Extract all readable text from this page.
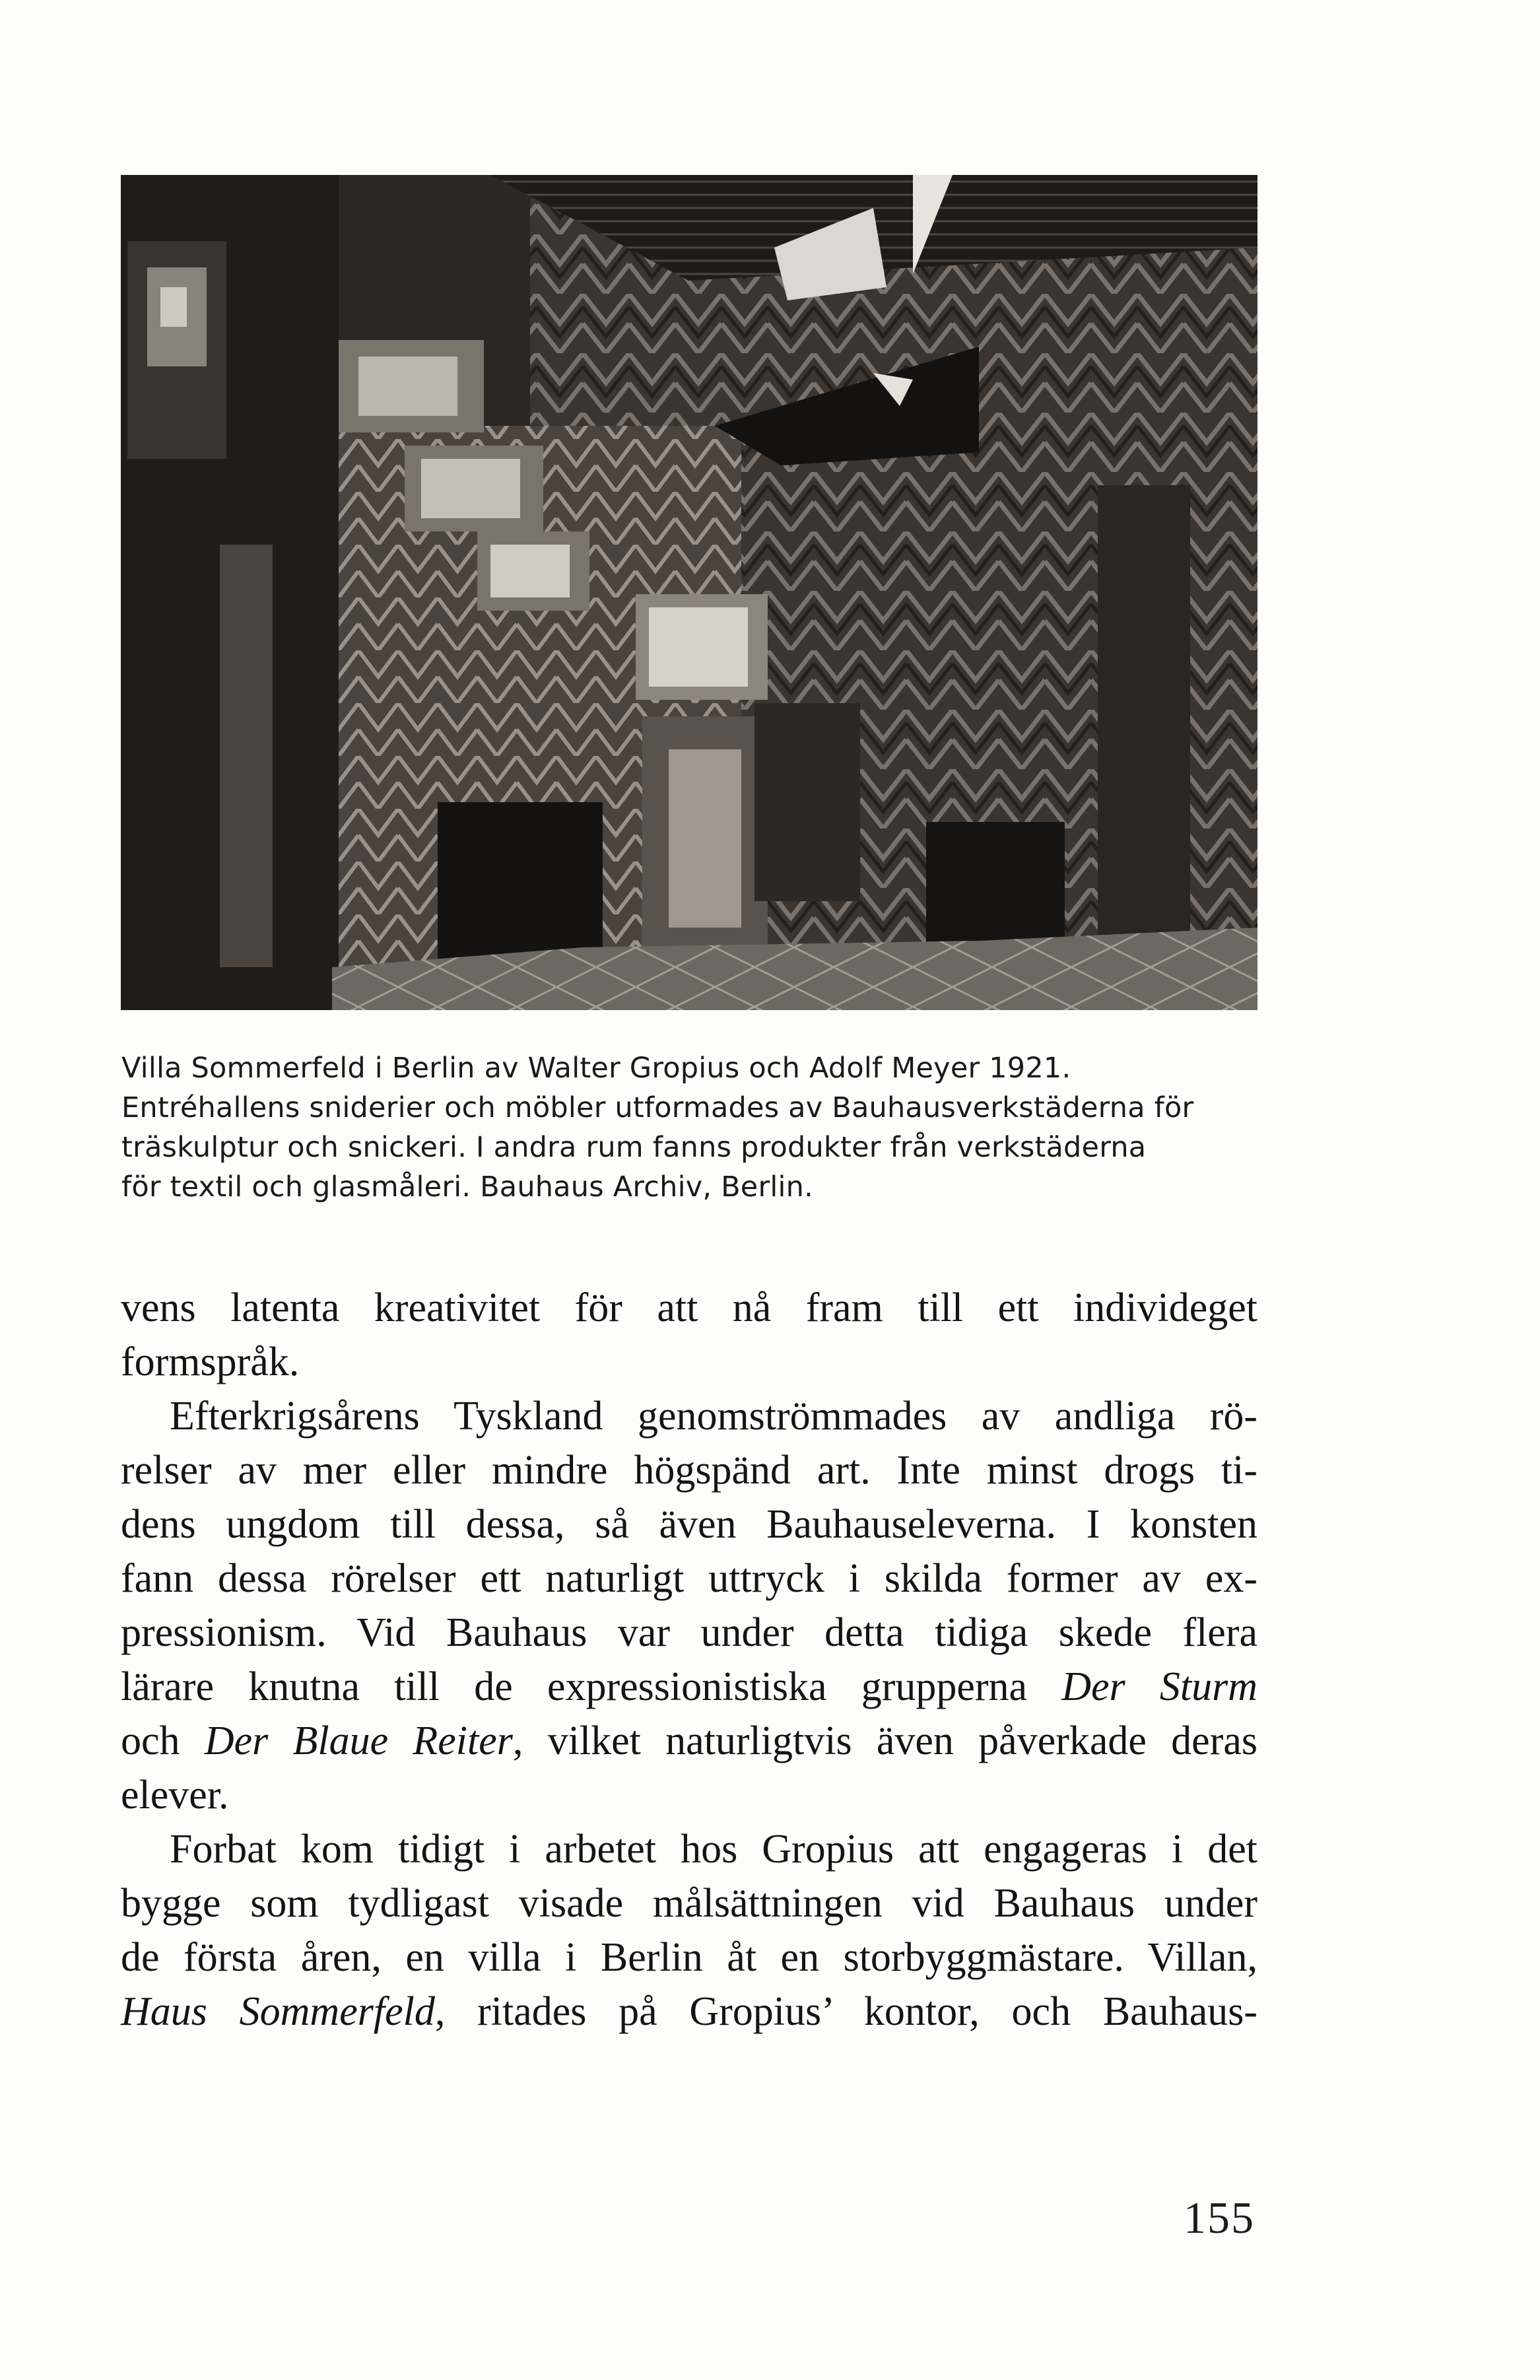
Villa Sommerfeld i Berlin av Walter Gropius och Adolf Meyer 1921.
Entréhallens sniderier och möbler utformades av Bauhausverkstäderna för
träskulptur och snickeri. I andra rum fanns produkter från verkstäderna
för textil och glasmåleri. Bauhaus Archiv, Berlin.
vens latenta kreativitet för att nå fram till ett individeget
formspråk.
Efterkrigsårens Tyskland genomströmmades av andliga rö-
relser av mer eller mindre högspänd art. Inte minst drogs ti-
dens ungdom till dessa, så även Bauhauseleverna. I konsten
fann dessa rörelser ett naturligt uttryck i skilda former av ex-
pressionism. Vid Bauhaus var under detta tidiga skede flera
lärare knutna till de expressionistiska grupperna Der Sturm
och Der Blaue Reiter, vilket naturligtvis även påverkade deras
elever.
Forbat kom tidigt i arbetet hos Gropius att engageras i det
bygge som tydligast visade målsättningen vid Bauhaus under
de första åren, en villa i Berlin åt en storbyggmästare. Villan,
Haus Sommerfeld, ritades på Gropius’ kontor, och Bauhaus-
155
